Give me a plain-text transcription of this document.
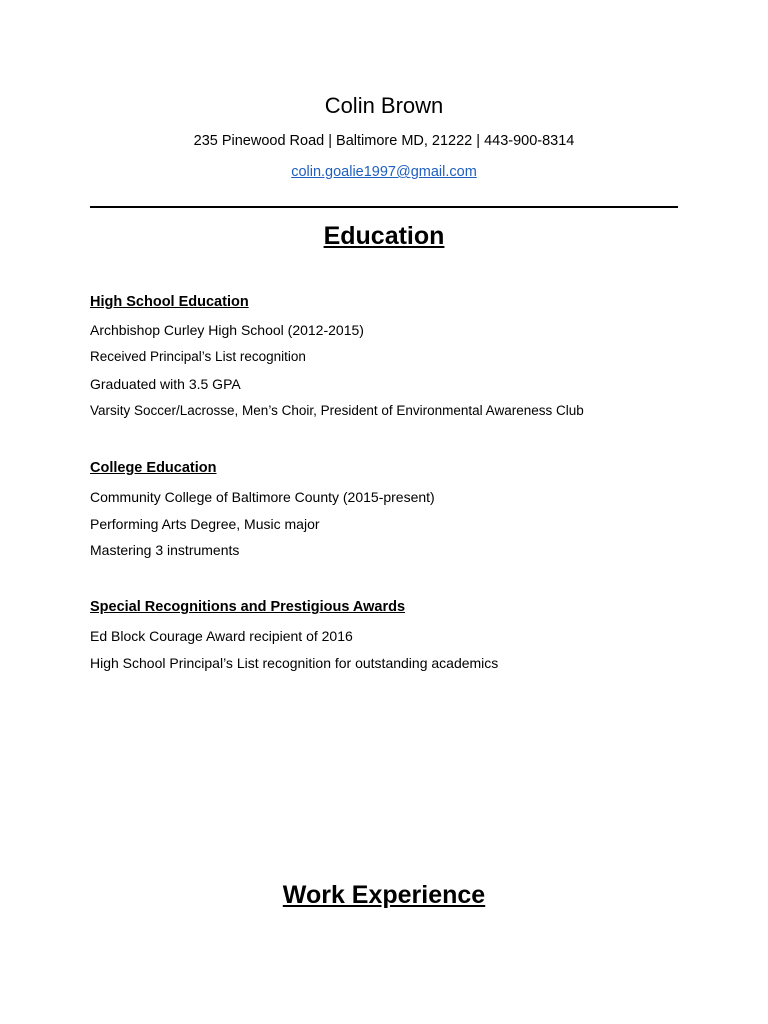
Colin Brown
235 Pinewood Road | Baltimore MD, 21222 | 443-900-8314
colin.goalie1997@gmail.com
Education
High School Education
Archbishop Curley High School (2012-2015)
Received Principal’s List recognition
Graduated with 3.5 GPA
Varsity Soccer/Lacrosse, Men’s Choir, President of Environmental Awareness Club
College Education
Community College of Baltimore County (2015-present)
Performing Arts Degree, Music major
Mastering 3 instruments
Special Recognitions and Prestigious Awards
Ed Block Courage Award recipient of 2016
High School Principal’s List recognition for outstanding academics
Work Experience
